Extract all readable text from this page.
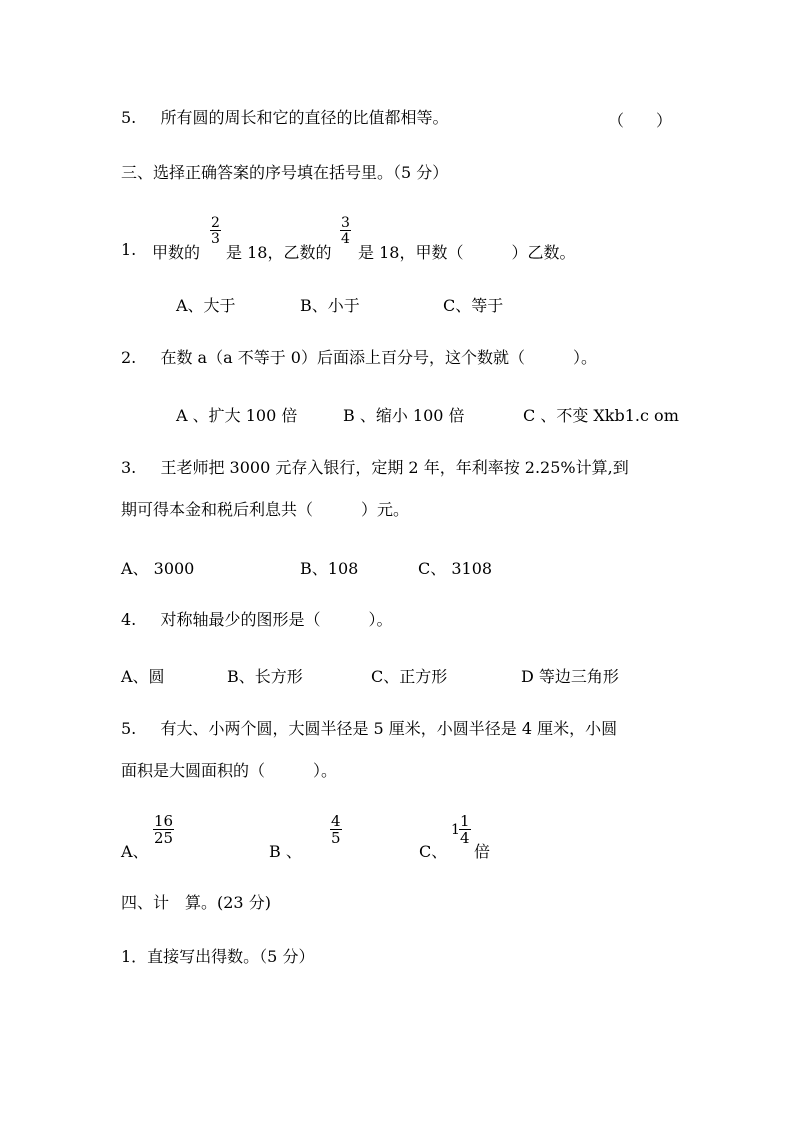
5. 所有圆的周长和它的直径的比值都相等。	（　　）
三、选择正确答案的序号填在括号里。（5 分）
1. 甲数的
$\frac{2}{3}$
是 18，乙数的
$\frac{3}{4}$
是 18，甲数（　　　）乙数。
A、大于	B、小于	C、等于
2. 在数 a（a 不等于 0）后面添上百分号，这个数就（　　　）。
A 、扩大 100 倍	B 、缩小 100 倍	C 、不变 Xkb1.c om
3. 王老师把 3000 元存入银行，定期 2 年，年利率按 2.25%计算,到
期可得本金和税后利息共（　　　）元。
A、 3000	B、108	C、 3108
4. 对称轴最少的图形是（　　　）。
A、圆	B、长方形	C、正方形	D 等边三角形
5. 有大、小两个圆，大圆半径是 5 厘米，小圆半径是 4 厘米，小圆
面积是大圆面积的（　　　）。
A、
$\frac{16}{25}$
B 、
$\frac{4}{5}$
C、
$1 \frac{1}{4}$
倍
四、计　算。(23 分)
1．直接写出得数。（5 分）
